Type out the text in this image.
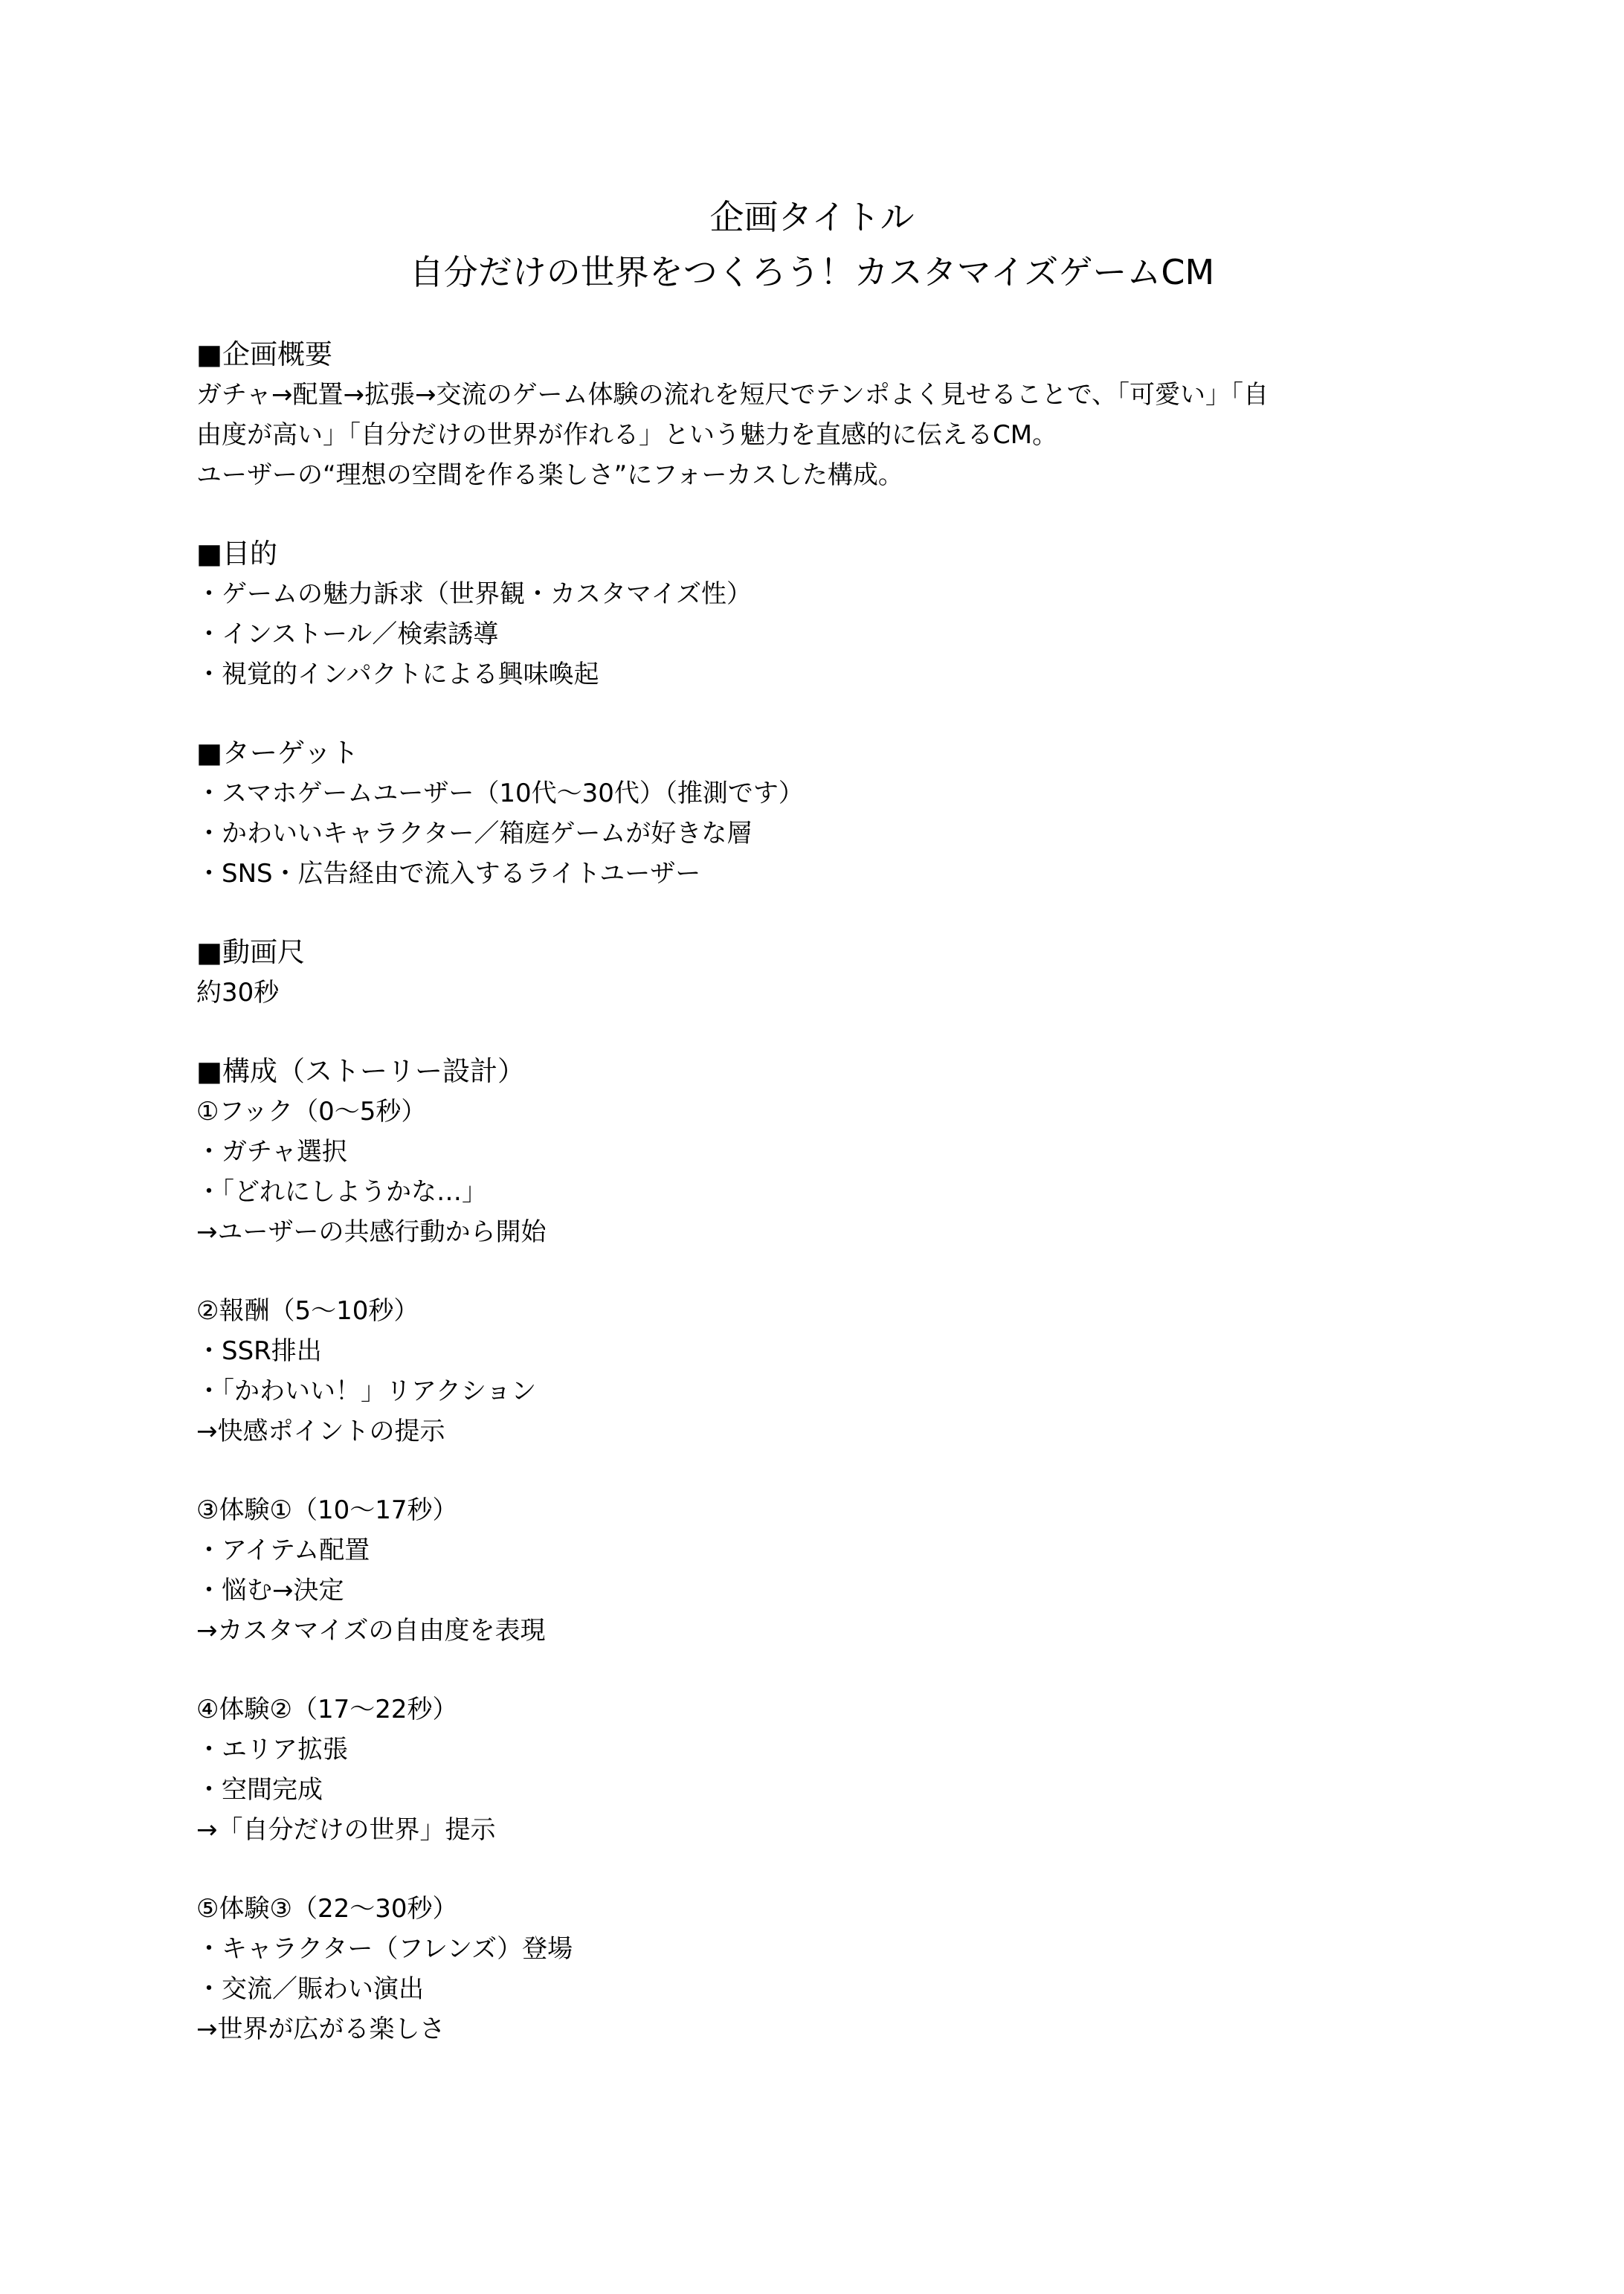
企画タイトル
自分だけの世界をつくろう！カスタマイズゲームCM

■企画概要

ガチャ→配置→拡張→交流のゲーム体験の流れを短尺でテンポよく見せることで、「可愛い」「自

由度が高い」「自分だけの世界が作れる」という魅力を直感的に伝えるCM。

ユーザーの“理想の空間を作る楽しさ”にフォーカスした構成。

■目的

・ゲームの魅力訴求（世界観・カスタマイズ性）

・インストール／検索誘導

・視覚的インパクトによる興味喚起

■ターゲット

・スマホゲームユーザー（10代〜30代）（推測です）

・かわいいキャラクター／箱庭ゲームが好きな層

・SNS・広告経由で流入するライトユーザー

■動画尺

約30秒

■構成（ストーリー設計）

①フック（0〜5秒）

・ガチャ選択

・「どれにしようかな…」

→ユーザーの共感行動から開始

②報酬（5〜10秒）

・SSR排出

・「かわいい！」リアクション

→快感ポイントの提示

③体験①（10〜17秒）

・アイテム配置

・悩む→決定

→カスタマイズの自由度を表現

④体験②（17〜22秒）

・エリア拡張

・空間完成

→「自分だけの世界」提示

⑤体験③（22〜30秒）

・キャラクター（フレンズ）登場

・交流／賑わい演出

→世界が広がる楽しさ
